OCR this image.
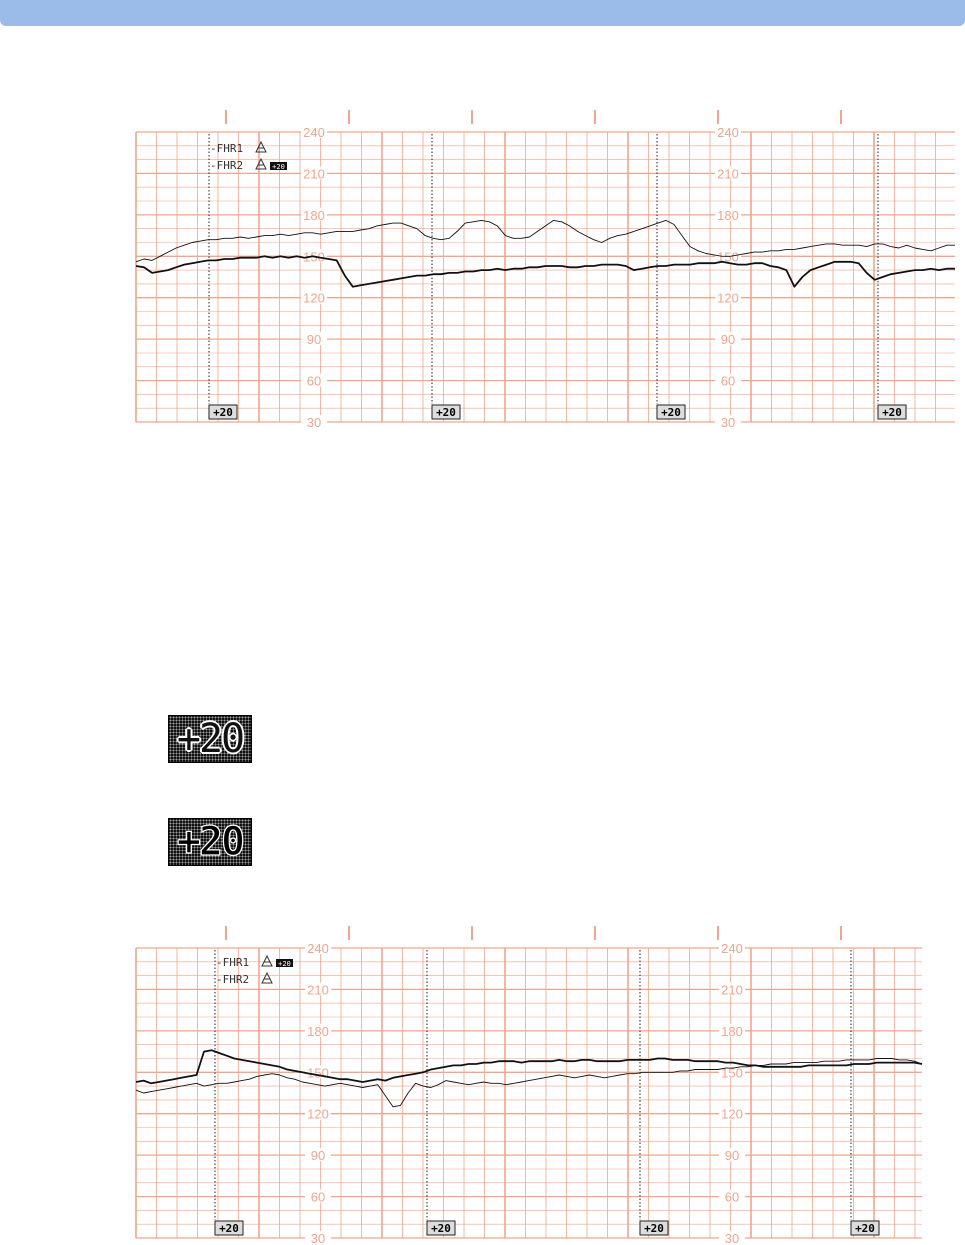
240	240
210	210
180	180
150	150
120	120
90	90
60	60
30	30
-FHR1
-FHR2	+20
+20	+20	+20	+20
+20
+20
240	240
210	210
180	180
150	150
120	120
90	90
60	60
30	30
-FHR1	+20
-FHR2
+20	+20	+20	+20
